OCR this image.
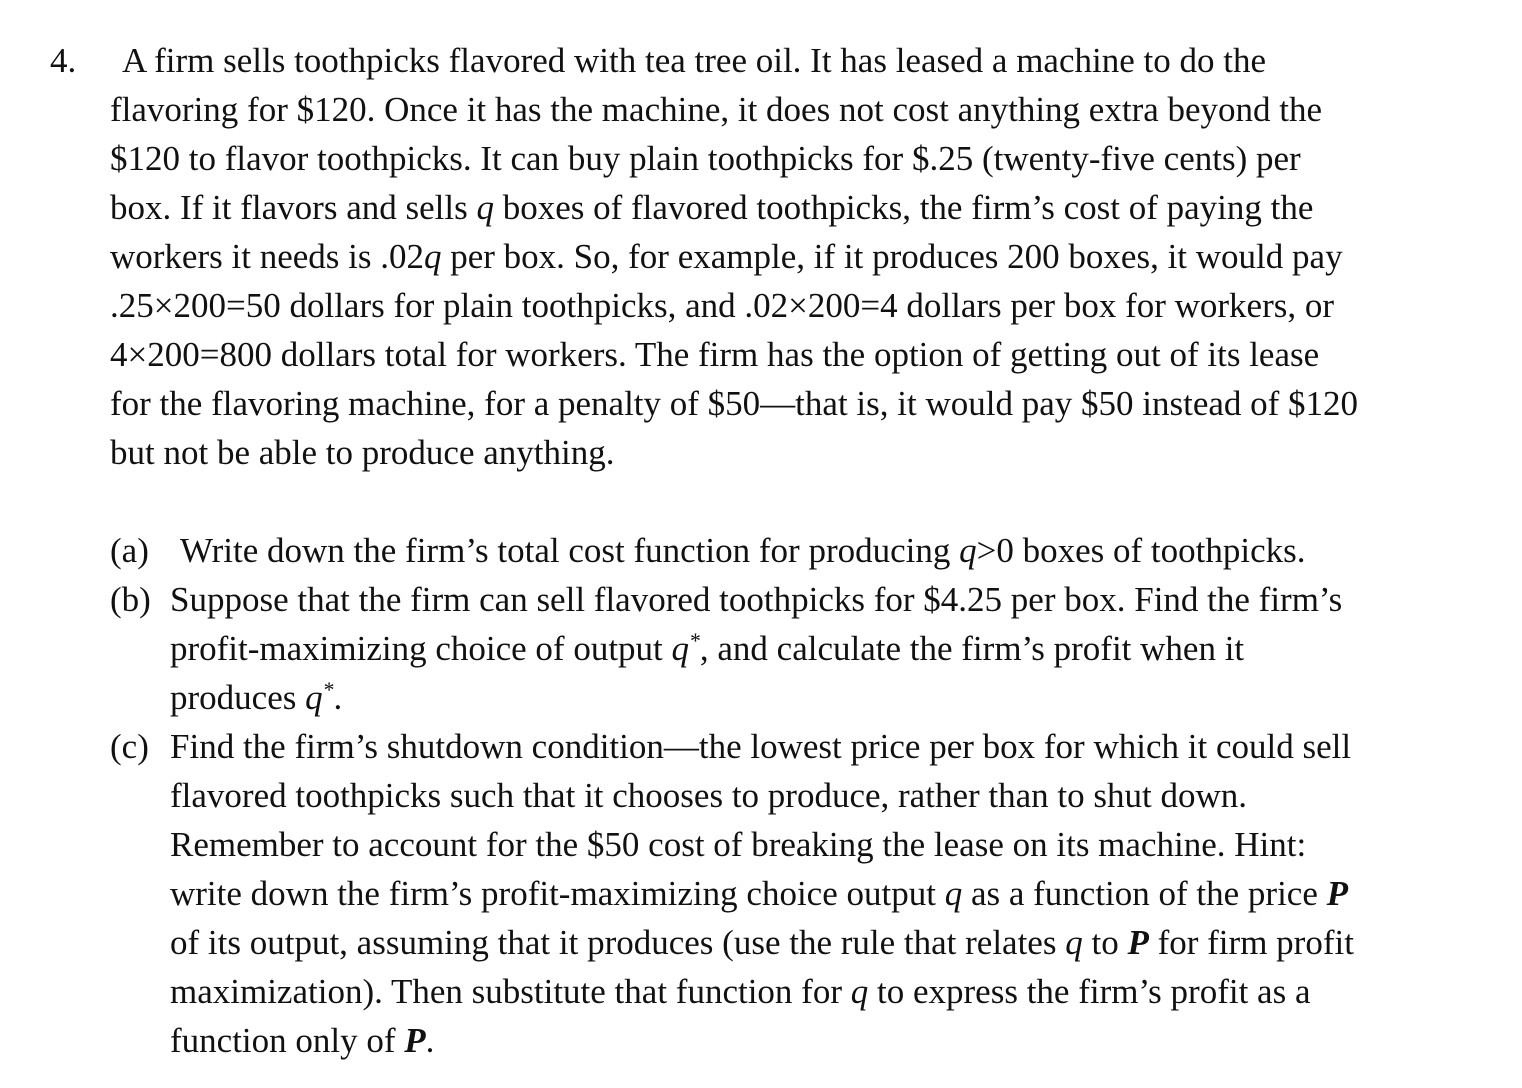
4. A firm sells toothpicks flavored with tea tree oil. It has leased a machine to do the
flavoring for $120. Once it has the machine, it does not cost anything extra beyond the
$120 to flavor toothpicks. It can buy plain toothpicks for $.25 (twenty-five cents) per
box. If it flavors and sells q boxes of flavored toothpicks, the firm’s cost of paying the
workers it needs is .02q per box. So, for example, if it produces 200 boxes, it would pay
.25×200=50 dollars for plain toothpicks, and .02×200=4 dollars per box for workers, or
4×200=800 dollars total for workers. The firm has the option of getting out of its lease
for the flavoring machine, for a penalty of $50—that is, it would pay $50 instead of $120
but not be able to produce anything.
(a) Write down the firm’s total cost function for producing q>0 boxes of toothpicks.
(b) Suppose that the firm can sell flavored toothpicks for $4.25 per box. Find the firm’s
profit-maximizing choice of output q*, and calculate the firm’s profit when it
produces q*.
(c) Find the firm’s shutdown condition—the lowest price per box for which it could sell
flavored toothpicks such that it chooses to produce, rather than to shut down.
Remember to account for the $50 cost of breaking the lease on its machine. Hint:
write down the firm’s profit-maximizing choice output q as a function of the price P
of its output, assuming that it produces (use the rule that relates q to P for firm profit
maximization). Then substitute that function for q to express the firm’s profit as a
function only of P.
